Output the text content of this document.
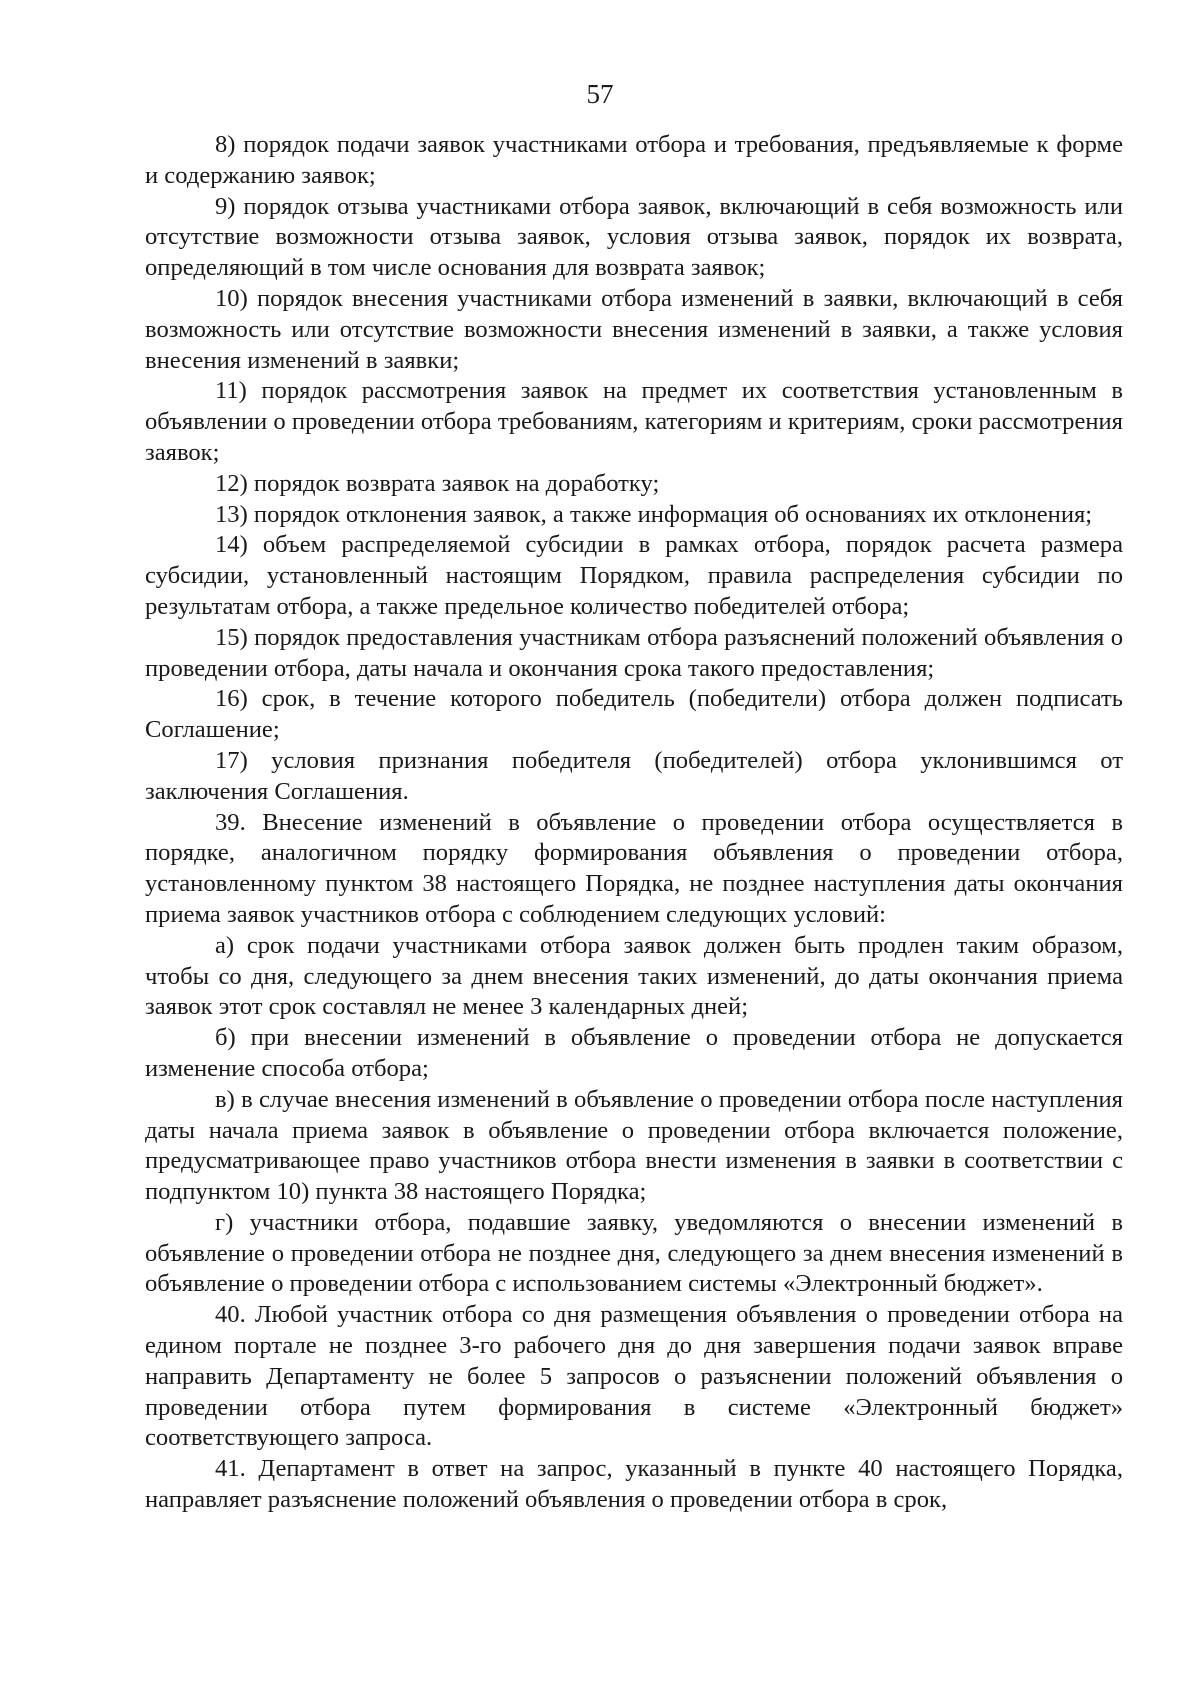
57

8) порядок подачи заявок участниками отбора и требования, предъявляемые к форме и содержанию заявок;

9) порядок отзыва участниками отбора заявок, включающий в себя возможность или отсутствие возможности отзыва заявок, условия отзыва заявок, порядок их возврата, определяющий в том числе основания для возврата заявок;

10) порядок внесения участниками отбора изменений в заявки, включающий в себя возможность или отсутствие возможности внесения изменений в заявки, а также условия внесения изменений в заявки;

11) порядок рассмотрения заявок на предмет их соответствия установленным в объявлении о проведении отбора требованиям, категориям и критериям, сроки рассмотрения заявок;

12) порядок возврата заявок на доработку;

13) порядок отклонения заявок, а также информация об основаниях их отклонения;

14) объем распределяемой субсидии в рамках отбора, порядок расчета размера субсидии, установленный настоящим Порядком, правила распределения субсидии по результатам отбора, а также предельное количество победителей отбора;

15) порядок предоставления участникам отбора разъяснений положений объявления о проведении отбора, даты начала и окончания срока такого предоставления;

16) срок, в течение которого победитель (победители) отбора должен подписать Соглашение;

17) условия признания победителя (победителей) отбора уклонившимся от заключения Соглашения.

39. Внесение изменений в объявление о проведении отбора осуществляется в порядке, аналогичном порядку формирования объявления о проведении отбора, установленному пунктом 38 настоящего Порядка, не позднее наступления даты окончания приема заявок участников отбора с соблюдением следующих условий:

а) срок подачи участниками отбора заявок должен быть продлен таким образом, чтобы со дня, следующего за днем внесения таких изменений, до даты окончания приема заявок этот срок составлял не менее 3 календарных дней;

б) при внесении изменений в объявление о проведении отбора не допускается изменение способа отбора;

в) в случае внесения изменений в объявление о проведении отбора после наступления даты начала приема заявок в объявление о проведении отбора включается положение, предусматривающее право участников отбора внести изменения в заявки в соответствии с подпунктом 10) пункта 38 настоящего Порядка;

г) участники отбора, подавшие заявку, уведомляются о внесении изменений в объявление о проведении отбора не позднее дня, следующего за днем внесения изменений в объявление о проведении отбора с использованием системы «Электронный бюджет».

40. Любой участник отбора со дня размещения объявления о проведении отбора на едином портале не позднее 3-го рабочего дня до дня завершения подачи заявок вправе направить Департаменту не более 5 запросов о разъяснении положений объявления о проведении отбора путем формирования в системе «Электронный бюджет» соответствующего запроса.

41. Департамент в ответ на запрос, указанный в пункте 40 настоящего Порядка, направляет разъяснение положений объявления о проведении отбора в срок,
